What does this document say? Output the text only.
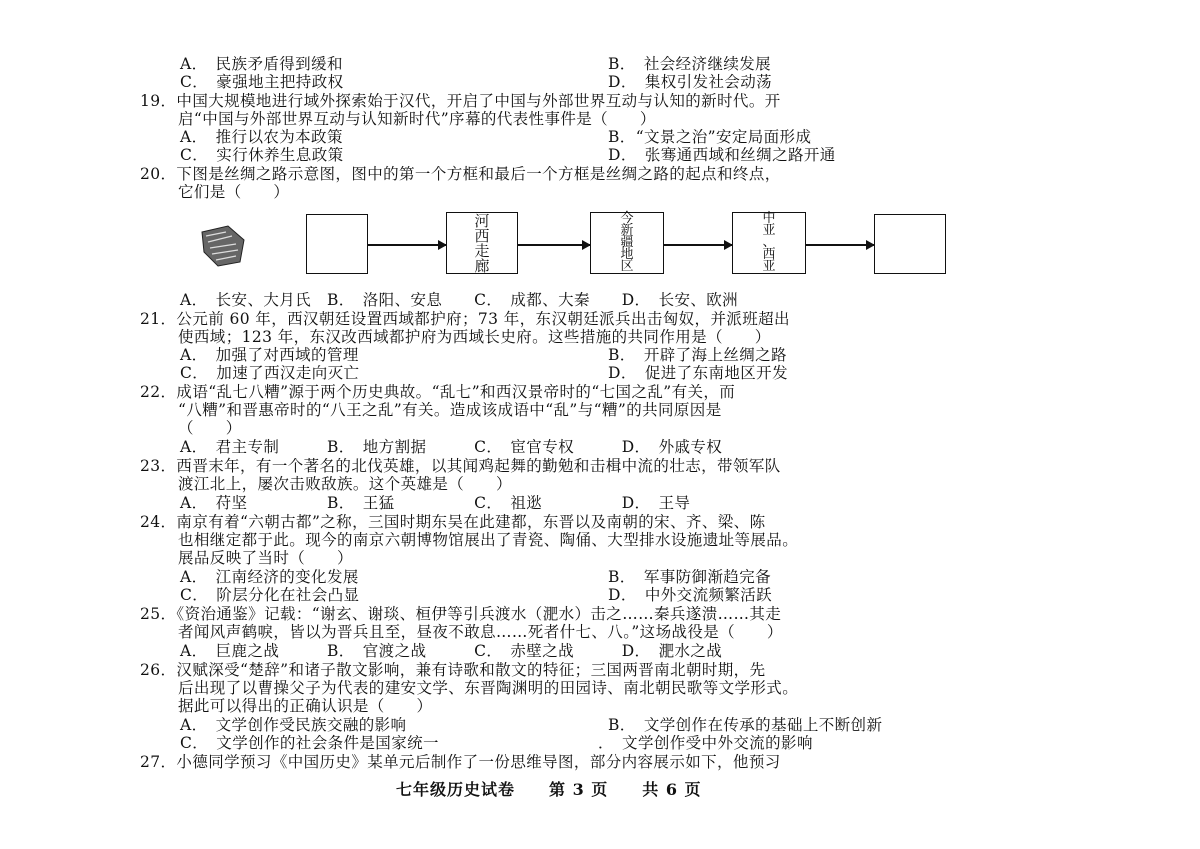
A．　民族矛盾得到缓和	B．　社会经济继续发展
C．　豪强地主把持政权	D．　集权引发社会动荡
19．中国大规模地进行域外探索始于汉代，开启了中国与外部世界互动与认知的新时代。开
启“中国与外部世界互动与认知新时代”序幕的代表性事件是（　　）
A．　推行以农为本政策	B．“文景之治”安定局面形成
C．　实行休养生息政策	D．　张骞通西域和丝绸之路开通
20．下图是丝绸之路示意图，图中的第一个方框和最后一个方框是丝绸之路的起点和终点，
它们是（　　）
河
西
走
廊
今
新
疆
地
区
中
亚
、
西
亚
A．　长安、大月氏　B．　洛阳、安息　　C．　成都、大秦　　D．　长安、欧洲
21．公元前 60 年，西汉朝廷设置西域都护府；73 年，东汉朝廷派兵出击匈奴，并派班超出
使西域；123 年，东汉改西域都护府为西域长史府。这些措施的共同作用是（　　）
A．　加强了对西域的管理	B．　开辟了海上丝绸之路
C．　加速了西汉走向灭亡	D．　促进了东南地区开发
22．成语“乱七八糟”源于两个历史典故。“乱七”和西汉景帝时的“七国之乱”有关，而
“八糟”和晋惠帝时的“八王之乱”有关。造成该成语中“乱”与“糟”的共同原因是
（　　）
A．　君主专制　　　B．　地方割据　　　C．　宦官专权　　　D．　外戚专权
23．西晋末年，有一个著名的北伐英雄，以其闻鸡起舞的勤勉和击楫中流的壮志，带领军队
渡江北上，屡次击败敌族。这个英雄是（　　）
A．　苻坚　　　　　B．　王猛　　　　　C．　祖逖　　　　　D．　王导
24．南京有着“六朝古都”之称，三国时期东吴在此建都，东晋以及南朝的宋、齐、梁、陈
也相继定都于此。现今的南京六朝博物馆展出了青瓷、陶俑、大型排水设施遗址等展品。
展品反映了当时（　　）
A．　江南经济的变化发展	B．　军事防御渐趋完备
C．　阶层分化在社会凸显	D．　中外交流频繁活跃
25．《资治通鉴》记载：“谢玄、谢琰、桓伊等引兵渡水（淝水）击之……秦兵遂溃……其走
者闻风声鹤唳，皆以为晋兵且至，昼夜不敢息……死者什七、八。”这场战役是（　　）
A．　巨鹿之战　　　B．　官渡之战　　　C．　赤壁之战　　　D．　淝水之战
26．汉赋深受“楚辞”和诸子散文影响，兼有诗歌和散文的特征；三国两晋南北朝时期，先
后出现了以曹操父子为代表的建安文学、东晋陶渊明的田园诗、南北朝民歌等文学形式。
据此可以得出的正确认识是（　　）
A．　文学创作受民族交融的影响	B．　文学创作在传承的基础上不断创新
C．　文学创作的社会条件是国家统一	．　文学创作受中外交流的影响
27．小德同学预习《中国历史》某单元后制作了一份思维导图，部分内容展示如下，他预习
七年级历史试卷　　第 3 页　　共 6 页
